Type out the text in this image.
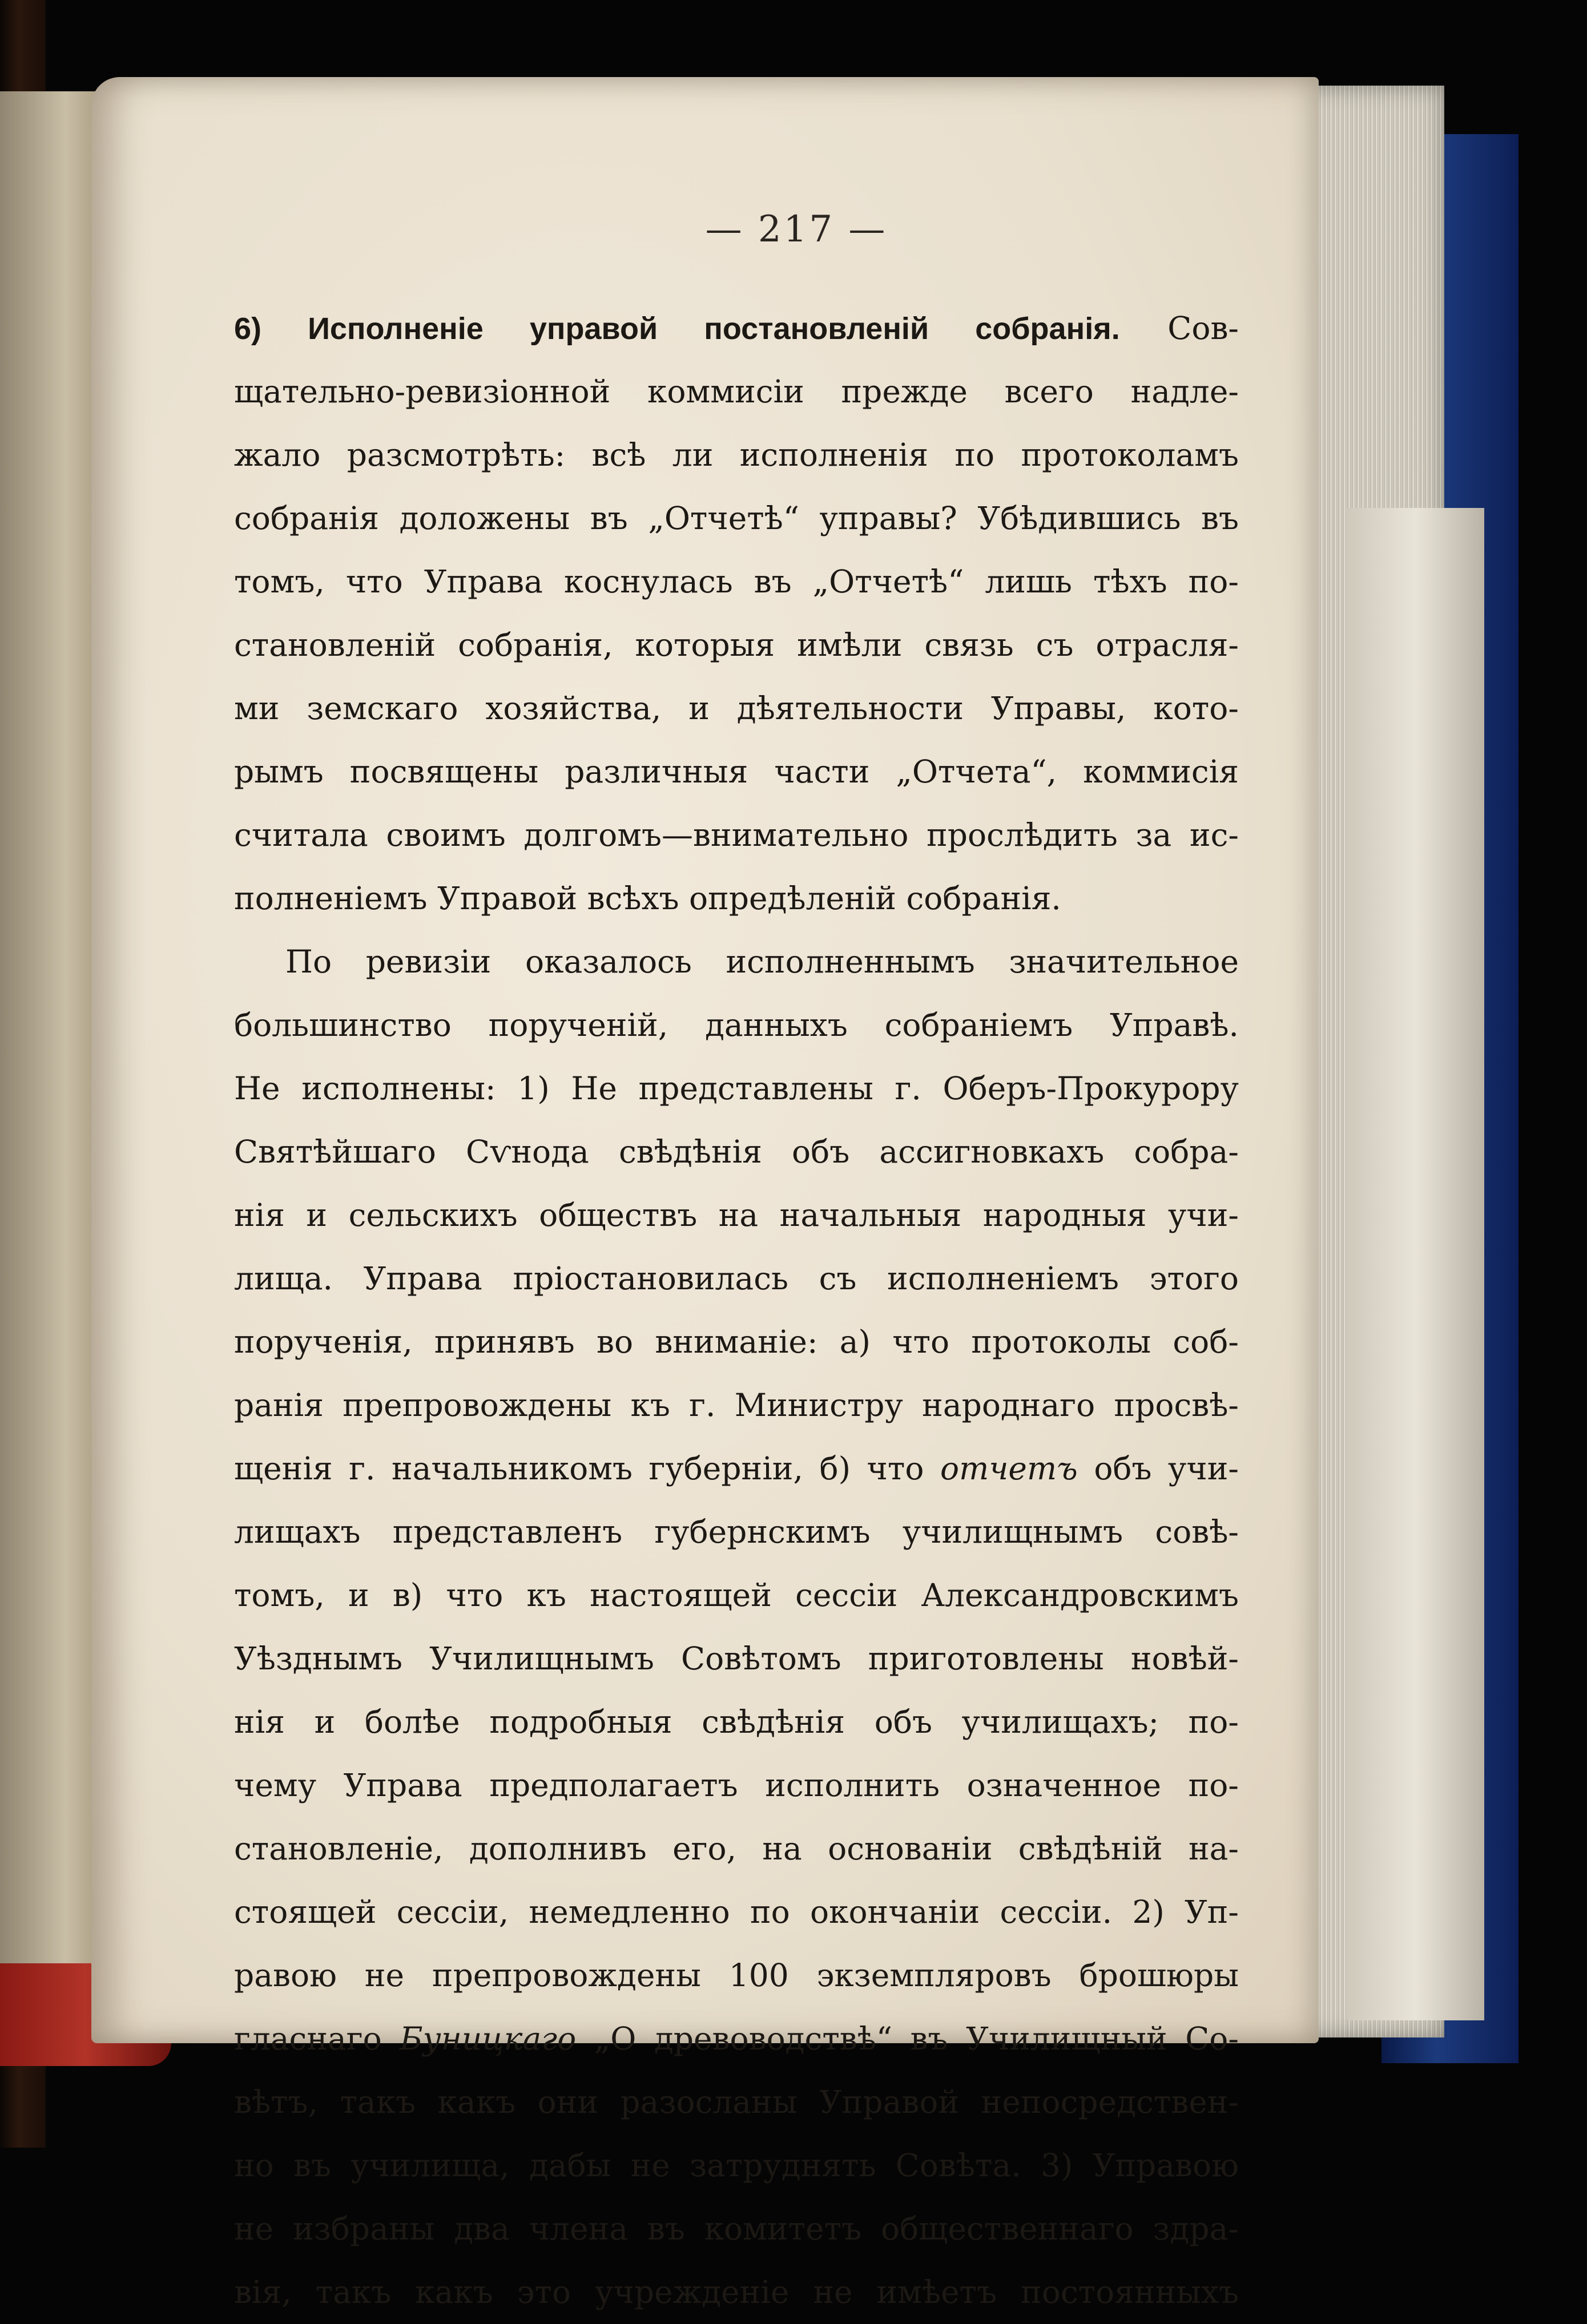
— 217 —
6) Исполненіе управой постановленій собранія. Сов-
щательно-ревизіонной коммисіи прежде всего надле-
жало разсмотрѣть: всѣ ли исполненія по протоколамъ
собранія доложены въ „Отчетѣ“ управы? Убѣдившись въ
томъ, что Управа коснулась въ „Отчетѣ“ лишь тѣхъ по-
становленій собранія, которыя имѣли связь съ отрасля-
ми земскаго хозяйства, и дѣятельности Управы, кото-
рымъ посвящены различныя части „Отчета“, коммисія
считала своимъ долгомъ—внимательно прослѣдить за ис-
полненіемъ Управой всѣхъ опредѣленій собранія.
По ревизіи оказалось исполненнымъ значительное
большинство порученій, данныхъ собраніемъ Управѣ.
Не исполнены: 1) Не представлены г. Оберъ-Прокурору
Святѣйшаго Сѵнода свѣдѣнія объ ассигновкахъ собра-
нія и сельскихъ обществъ на начальныя народныя учи-
лища. Управа пріостановилась съ исполненіемъ этого
порученія, принявъ во вниманіе: а) что протоколы соб-
ранія препровождены къ г. Министру народнаго просвѣ-
щенія г. начальникомъ губерніи, б) что отчетъ объ учи-
лищахъ представленъ губернскимъ училищнымъ совѣ-
томъ, и в) что къ настоящей сессіи Александровскимъ
Уѣзднымъ Училищнымъ Совѣтомъ приготовлены новѣй-
нія и болѣе подробныя свѣдѣнія объ училищахъ; по-
чему Управа предполагаетъ исполнить означенное по-
становленіе, дополнивъ его, на основаніи свѣдѣній на-
стоящей сессіи, немедленно по окончаніи сессіи. 2) Уп-
равою не препровождены 100 экземпляровъ брошюры
гласнаго Буницкаго „О древоводствѣ“ въ Училищный Со-
вѣтъ, такъ какъ они разосланы Управой непосредствен-
но въ училища, дабы не затруднять Совѣта. 3) Управою
не избраны два члена въ комитетъ общественнаго здра-
вія, такъ какъ это учрежденіе не имѣетъ постоянныхъ
